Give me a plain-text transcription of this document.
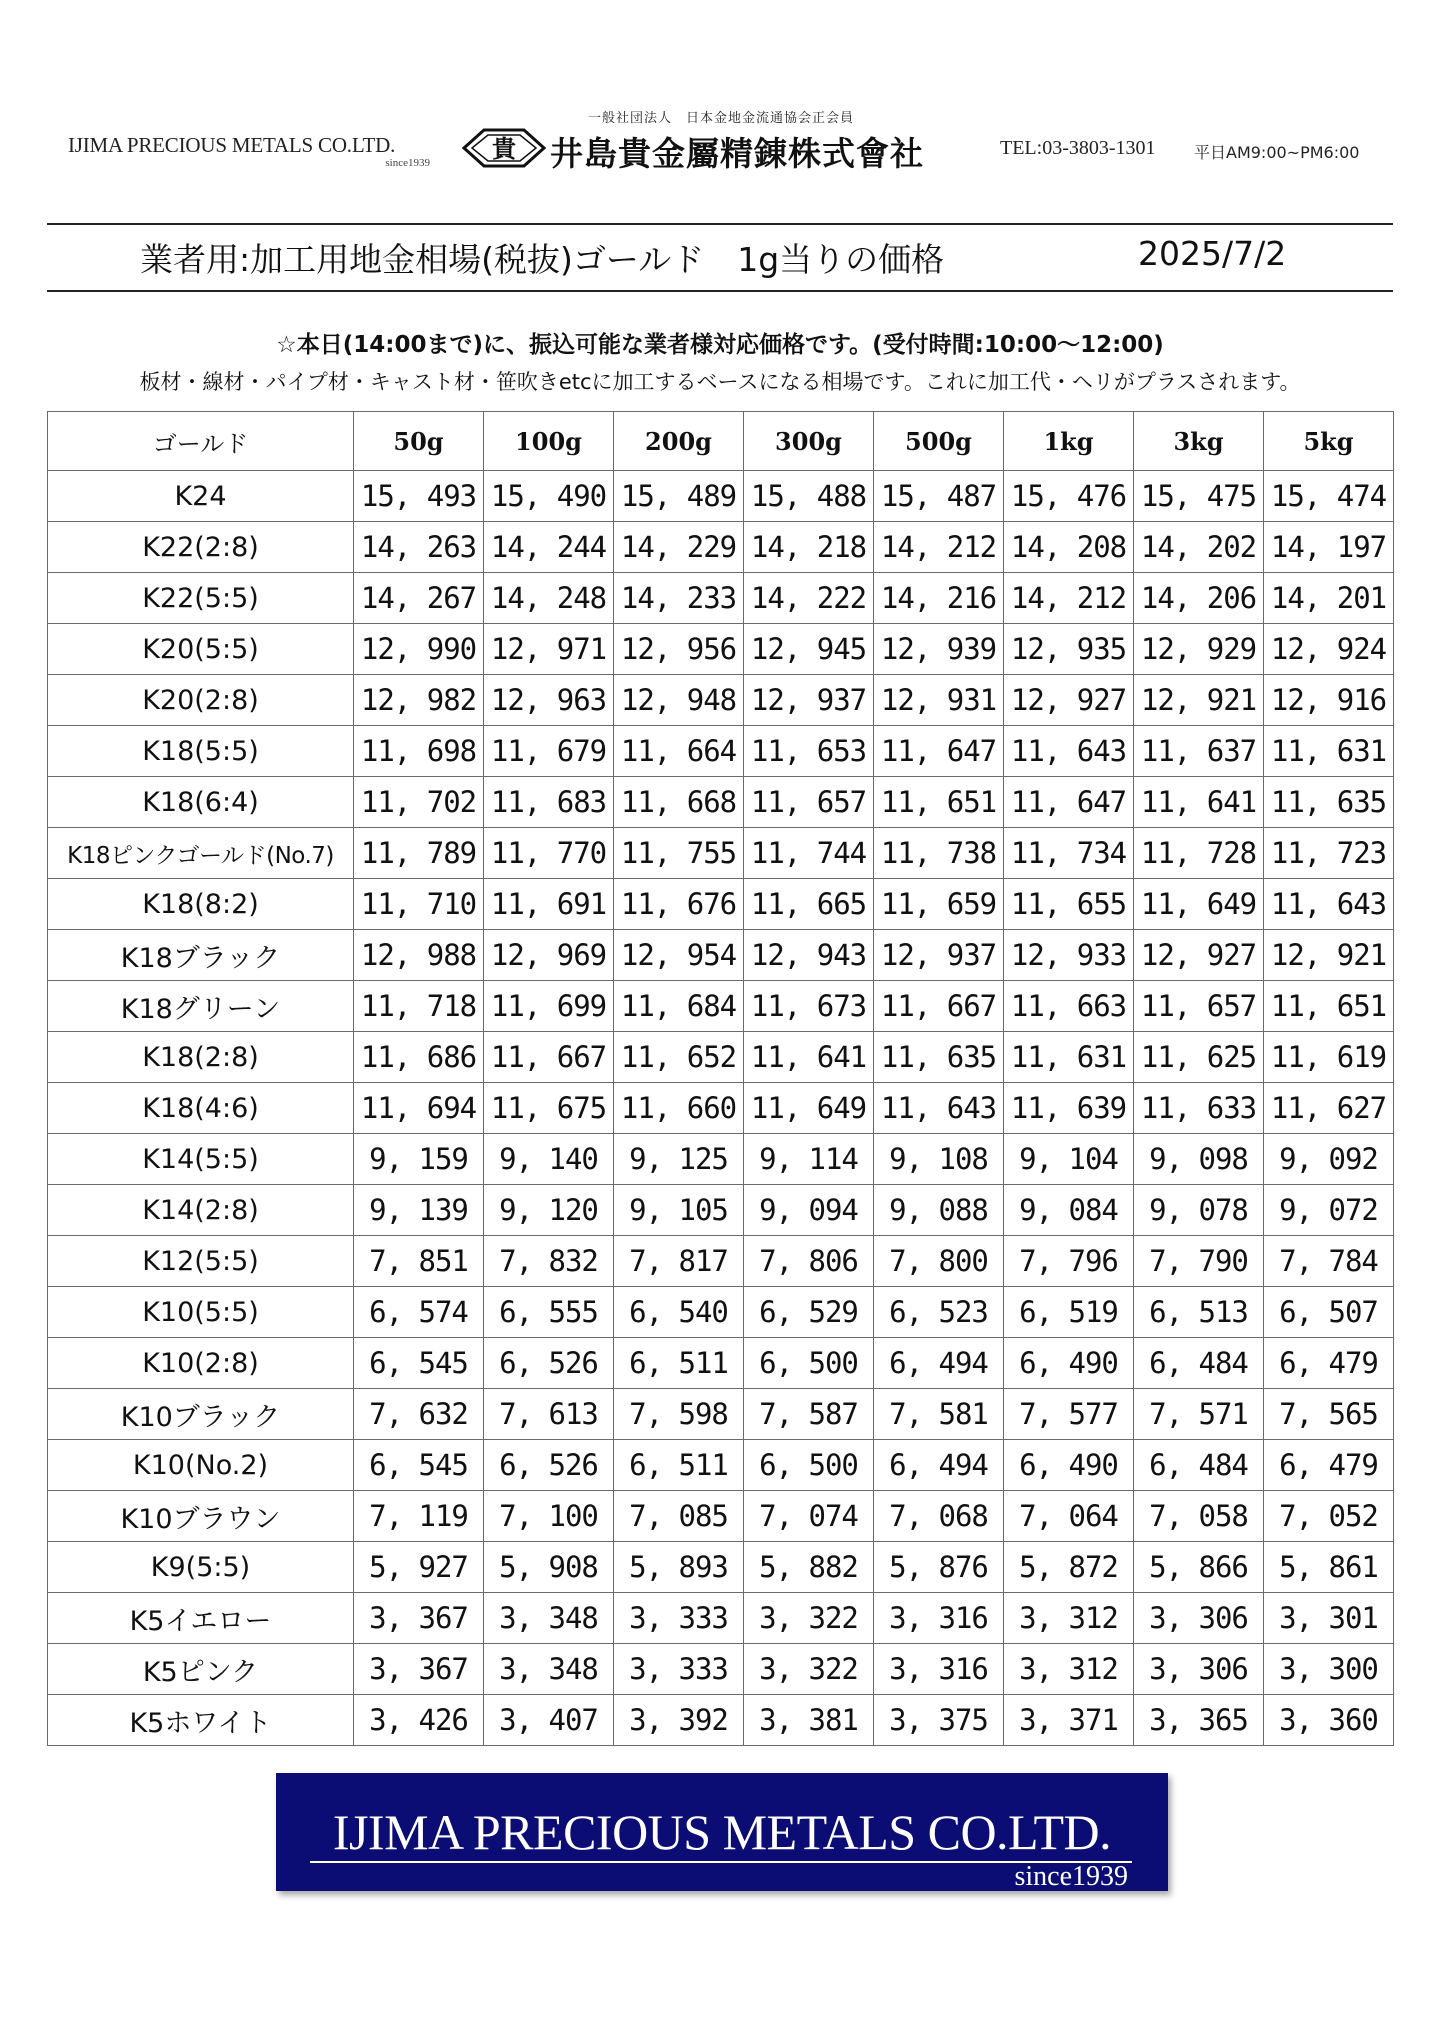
IJIMA PRECIOUS METALS CO.LTD.
since1939
一般社団法人　日本金地金流通協会正会員
貴 井島貴金屬精錬株式會社	TEL:03-3803-1301 平日AM9:00~PM6:00
業者用:加工用地金相場(税抜)ゴールド　1g当りの価格	2025/7/2
☆本日(14:00まで)に、振込可能な業者様対応価格です。(受付時間:10:00～12:00)
板材・線材・パイプ材・キャスト材・笹吹きetcに加工するベースになる相場です。これに加工代・ヘリがプラスされます。
ゴールド	50g	100g	200g	300g	500g	1kg	3kg	5kg
K24	15, 493	15, 490	15, 489	15, 488	15, 487	15, 476	15, 475	15, 474
K22(2:8)	14, 263	14, 244	14, 229	14, 218	14, 212	14, 208	14, 202	14, 197
K22(5:5)	14, 267	14, 248	14, 233	14, 222	14, 216	14, 212	14, 206	14, 201
K20(5:5)	12, 990	12, 971	12, 956	12, 945	12, 939	12, 935	12, 929	12, 924
K20(2:8)	12, 982	12, 963	12, 948	12, 937	12, 931	12, 927	12, 921	12, 916
K18(5:5)	11, 698	11, 679	11, 664	11, 653	11, 647	11, 643	11, 637	11, 631
K18(6:4)	11, 702	11, 683	11, 668	11, 657	11, 651	11, 647	11, 641	11, 635
K18ピンクゴールド(No.7)	11, 789	11, 770	11, 755	11, 744	11, 738	11, 734	11, 728	11, 723
K18(8:2)	11, 710	11, 691	11, 676	11, 665	11, 659	11, 655	11, 649	11, 643
K18ブラック	12, 988	12, 969	12, 954	12, 943	12, 937	12, 933	12, 927	12, 921
K18グリーン	11, 718	11, 699	11, 684	11, 673	11, 667	11, 663	11, 657	11, 651
K18(2:8)	11, 686	11, 667	11, 652	11, 641	11, 635	11, 631	11, 625	11, 619
K18(4:6)	11, 694	11, 675	11, 660	11, 649	11, 643	11, 639	11, 633	11, 627
K14(5:5)	9, 159	9, 140	9, 125	9, 114	9, 108	9, 104	9, 098	9, 092
K14(2:8)	9, 139	9, 120	9, 105	9, 094	9, 088	9, 084	9, 078	9, 072
K12(5:5)	7, 851	7, 832	7, 817	7, 806	7, 800	7, 796	7, 790	7, 784
K10(5:5)	6, 574	6, 555	6, 540	6, 529	6, 523	6, 519	6, 513	6, 507
K10(2:8)	6, 545	6, 526	6, 511	6, 500	6, 494	6, 490	6, 484	6, 479
K10ブラック	7, 632	7, 613	7, 598	7, 587	7, 581	7, 577	7, 571	7, 565
K10(No.2)	6, 545	6, 526	6, 511	6, 500	6, 494	6, 490	6, 484	6, 479
K10ブラウン	7, 119	7, 100	7, 085	7, 074	7, 068	7, 064	7, 058	7, 052
K9(5:5)	5, 927	5, 908	5, 893	5, 882	5, 876	5, 872	5, 866	5, 861
K5イエロー	3, 367	3, 348	3, 333	3, 322	3, 316	3, 312	3, 306	3, 301
K5ピンク	3, 367	3, 348	3, 333	3, 322	3, 316	3, 312	3, 306	3, 300
K5ホワイト	3, 426	3, 407	3, 392	3, 381	3, 375	3, 371	3, 365	3, 360
IJIMA PRECIOUS METALS CO.LTD.
since1939
